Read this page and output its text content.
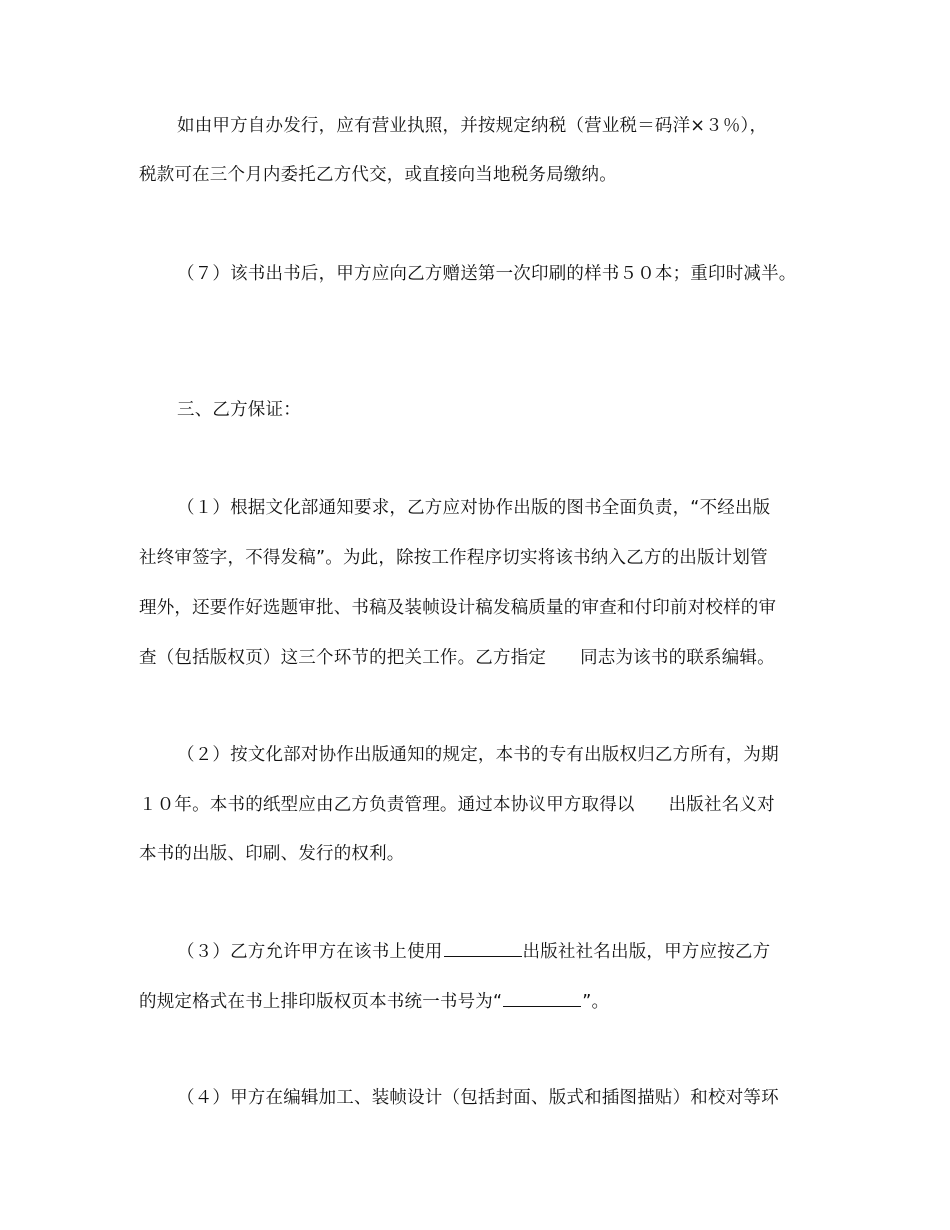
如由甲方自办发行，应有营业执照，并按规定纳税（营业税＝码洋×３％），
税款可在三个月内委托乙方代交，或直接向当地税务局缴纳。
（７）该书出书后，甲方应向乙方赠送第一次印刷的样书５０本；重印时减半。
三、乙方保证：
（１）根据文化部通知要求，乙方应对协作出版的图书全面负责，“不经出版
社终审签字，不得发稿”。为此，除按工作程序切实将该书纳入乙方的出版计划管
理外，还要作好选题审批、书稿及装帧设计稿发稿质量的审查和付印前对校样的审
查（包括版权页）这三个环节的把关工作。乙方指定 同志为该书的联系编辑。
（２）按文化部对协作出版通知的规定，本书的专有出版权归乙方所有，为期
１０年。本书的纸型应由乙方负责管理。通过本协议甲方取得以 出版社名义对
本书的出版、印刷、发行的权利。
（３）乙方允许甲方在该书上使用	出版社社名出版，甲方应按乙方
的规定格式在书上排印版权页本书统一书号为“	”。
（４）甲方在编辑加工、装帧设计（包括封面、版式和插图描贴）和校对等环
